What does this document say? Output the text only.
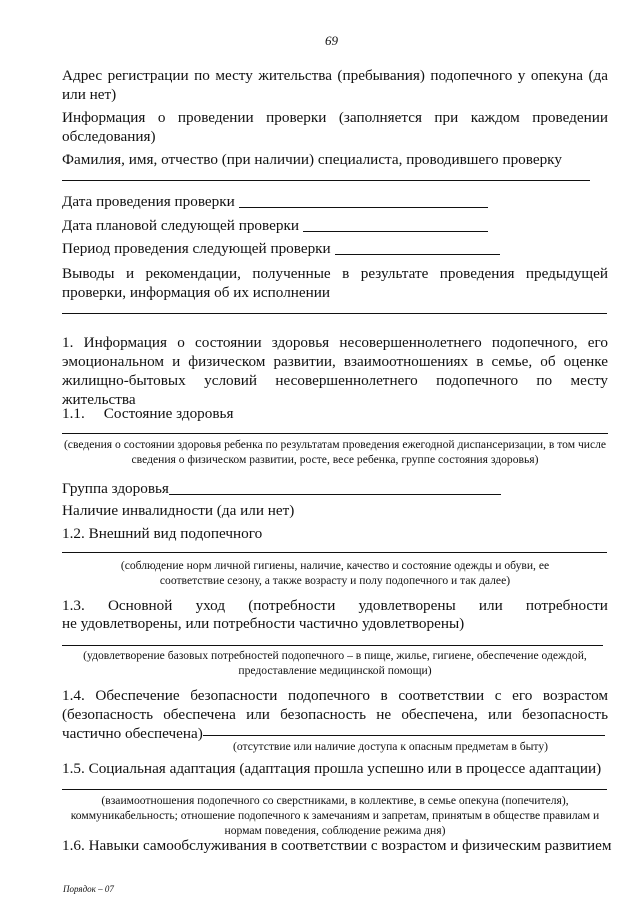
69
Адрес регистрации по месту жительства (пребывания) подопечного у опекуна (да или нет)
Информация о проведении проверки (заполняется при каждом проведении обследования)
Фамилия, имя, отчество (при наличии) специалиста, проводившего проверку
Дата проведения проверки
Дата плановой следующей проверки
Период проведения следующей проверки
Выводы и рекомендации, полученные в результате проведения предыдущей проверки, информация об их исполнении
1. Информация о состоянии здоровья несовершеннолетнего подопечного, его эмоциональном и физическом развитии, взаимоотношениях в семье, об оценке жилищно-бытовых условий несовершеннолетнего подопечного по месту жительства
1.1.     Состояние здоровья
(сведения о состоянии здоровья ребенка по результатам проведения ежегодной диспансеризации, в том числе сведения о физическом развитии, росте, весе ребенка, группе состояния здоровья)
Группа здоровья
Наличие инвалидности (да или нет)
1.2. Внешний вид подопечного
(соблюдение норм личной гигиены, наличие, качество и состояние одежды и обуви, ее соответствие сезону, а также возрасту и полу подопечного и так далее)
1.3. Основной уход (потребности удовлетворены или потребности
не удовлетворены, или потребности частично удовлетворены)
(удовлетворение базовых потребностей подопечного – в пище, жилье, гигиене, обеспечение одеждой, предоставление медицинской помощи)
1.4. Обеспечение безопасности подопечного в соответствии с его возрастом (безопасность обеспечена или безопасность не обеспечена, или безопасность частично обеспечена)
(отсутствие или наличие доступа к опасным предметам в быту)
1.5. Социальная адаптация (адаптация прошла успешно или в процессе адаптации)
(взаимоотношения подопечного со сверстниками, в коллективе, в семье опекуна (попечителя), коммуникабельность; отношение подопечного к замечаниям и запретам, принятым в обществе правилам и нормам поведения, соблюдение режима дня)
1.6. Навыки самообслуживания в соответствии с возрастом и физическим развитием
Порядок – 07
